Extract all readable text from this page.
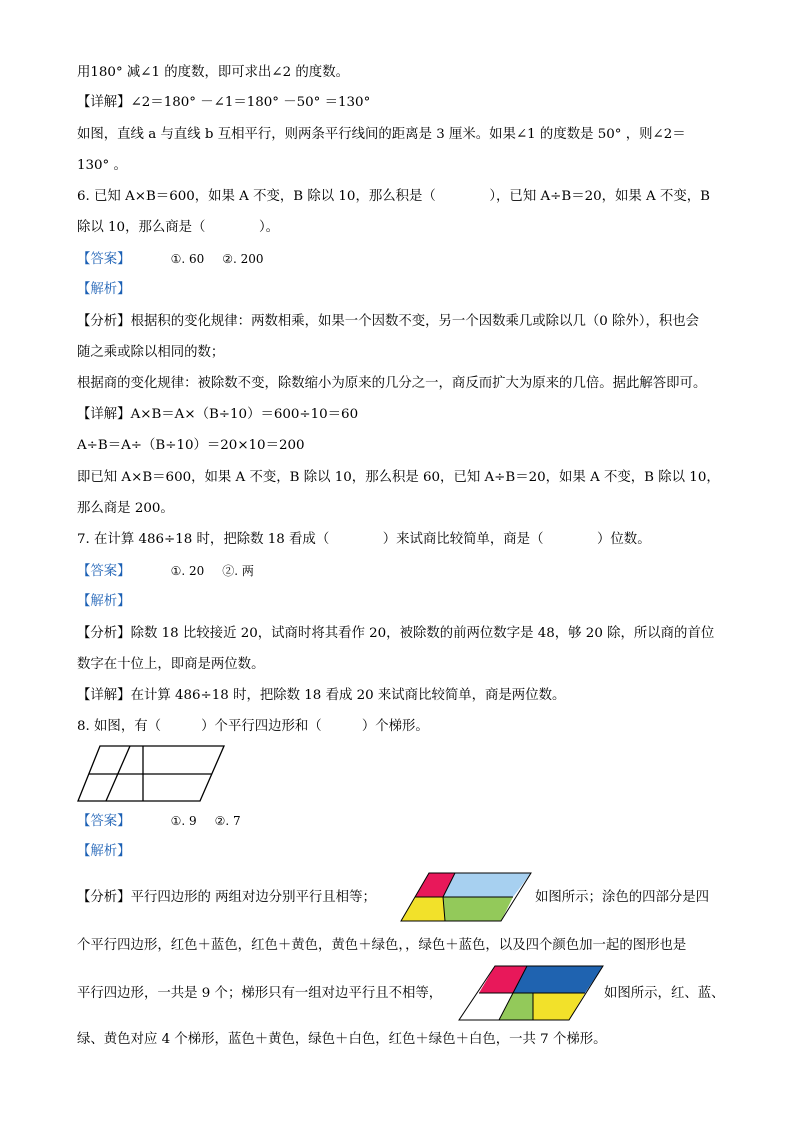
用180° 减∠1 的度数，即可求出∠2 的度数。
【详解】∠2＝180° －∠1＝180° －50° ＝130°
如图，直线 a 与直线 b 互相平行，则两条平行线间的距离是 3 厘米。如果∠1 的度数是 50° ，则∠2＝
130° 。
6. 已知 A×B＝600，如果 A 不变，B 除以 10，那么积是（　　　　），已知 A÷B＝20，如果 A 不变，B
除以 10，那么商是（　　　　）。
【答案】	①. 60 ②. 200
【解析】
【分析】根据积的变化规律：两数相乘，如果一个因数不变，另一个因数乘几或除以几（0 除外），积也会
随之乘或除以相同的数；
根据商的变化规律：被除数不变，除数缩小为原来的几分之一，商反而扩大为原来的几倍。据此解答即可。
【详解】A×B＝A×（B÷10）＝600÷10＝60
A÷B＝A÷（B÷10）＝20×10＝200
即已知 A×B＝600，如果 A 不变，B 除以 10，那么积是 60，已知 A÷B＝20，如果 A 不变，B 除以 10，
那么商是 200。
7. 在计算 486÷18 时，把除数 18 看成（　　　　）来试商比较简单，商是（　　　　）位数。
【答案】	①. 20 ②. 两
【解析】
【分析】除数 18 比较接近 20，试商时将其看作 20，被除数的前两位数字是 48，够 20 除，所以商的首位
数字在十位上，即商是两位数。
【详解】在计算 486÷18 时，把除数 18 看成 20 来试商比较简单，商是两位数。
8. 如图，有（　　　）个平行四边形和（　　　）个梯形。
【答案】	①. 9 ②. 7
【解析】
【分析】平行四边形的 两组对边分别平行且相等；	如图所示；涂色的四部分是四
个平行四边形，红色＋蓝色，红色＋黄色，黄色＋绿色，，绿色＋蓝色，以及四个颜色加一起的图形也是
平行四边形，一共是 9 个；梯形只有一组对边平行且不相等，	如图所示，红、蓝、
绿、黄色对应 4 个梯形，蓝色＋黄色，绿色＋白色，红色＋绿色＋白色，一共 7 个梯形。
